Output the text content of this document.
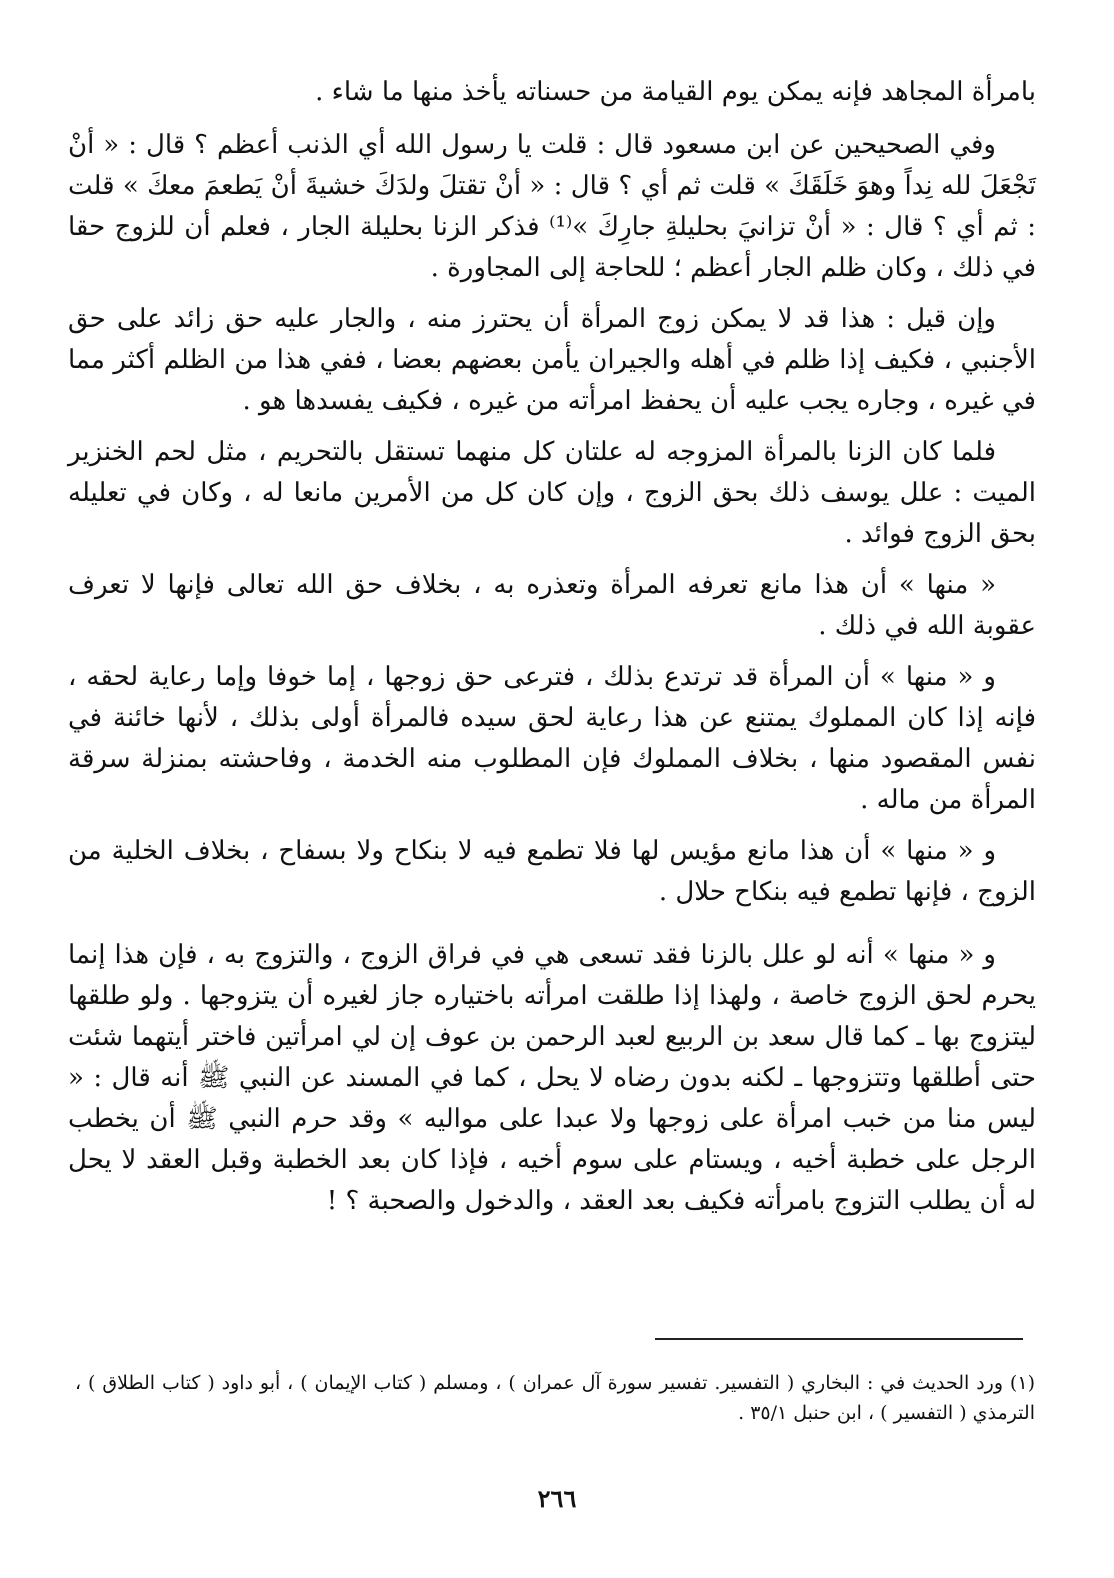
بامرأة المجاهد فإنه يمكن يوم القيامة من حسناته يأخذ منها ما شاء .

وفي الصحيحين عن ابن مسعود قال : قلت يا رسول الله أي الذنب أعظم ؟ قال : « أنْ تَجْعَلَ لله نِداً وهوَ خَلَقَكَ » قلت ثم أي ؟ قال : « أنْ تقتلَ ولدَكَ خشيةَ أنْ يَطعمَ معكَ » قلت : ثم أي ؟ قال : « أنْ تزانيَ بحليلةِ جارِكَ »⁽¹⁾ فذكر الزنا بحليلة الجار ، فعلم أن للزوج حقا في ذلك ، وكان ظلم الجار أعظم ؛ للحاجة إلى المجاورة .

وإن قيل : هذا قد لا يمكن زوج المرأة أن يحترز منه ، والجار عليه حق زائد على حق الأجنبي ، فكيف إذا ظلم في أهله والجيران يأمن بعضهم بعضا ، ففي هذا من الظلم أكثر مما في غيره ، وجاره يجب عليه أن يحفظ امرأته من غيره ، فكيف يفسدها هو .

فلما كان الزنا بالمرأة المزوجه له علتان كل منهما تستقل بالتحريم ، مثل لحم الخنزير الميت : علل يوسف ذلك بحق الزوج ، وإن كان كل من الأمرين مانعا له ، وكان في تعليله بحق الزوج فوائد .

« منها » أن هذا مانع تعرفه المرأة وتعذره به ، بخلاف حق الله تعالى فإنها لا تعرف عقوبة الله في ذلك .

و « منها » أن المرأة قد ترتدع بذلك ، فترعى حق زوجها ، إما خوفا وإما رعاية لحقه ، فإنه إذا كان المملوك يمتنع عن هذا رعاية لحق سيده فالمرأة أولى بذلك ، لأنها خائنة في نفس المقصود منها ، بخلاف المملوك فإن المطلوب منه الخدمة ، وفاحشته بمنزلة سرقة المرأة من ماله .

و « منها » أن هذا مانع مؤيس لها فلا تطمع فيه لا بنكاح ولا بسفاح ، بخلاف الخلية من الزوج ، فإنها تطمع فيه بنكاح حلال .

و « منها » أنه لو علل بالزنا فقد تسعى هي في فراق الزوج ، والتزوج به ، فإن هذا إنما يحرم لحق الزوج خاصة ، ولهذا إذا طلقت امرأته باختياره جاز لغيره أن يتزوجها . ولو طلقها ليتزوج بها ـ كما قال سعد بن الربيع لعبد الرحمن بن عوف إن لي امرأتين فاختر أيتهما شئت حتى أطلقها وتتزوجها ـ لكنه بدون رضاه لا يحل ، كما في المسند عن النبي ﷺ أنه قال : « ليس منا من خبب امرأة على زوجها ولا عبدا على مواليه » وقد حرم النبي ﷺ أن يخطب الرجل على خطبة أخيه ، ويستام على سوم أخيه ، فإذا كان بعد الخطبة وقبل العقد لا يحل له أن يطلب التزوج بامرأته فكيف بعد العقد ، والدخول والصحبة ؟ !

(١) ورد الحديث في : البخاري ( التفسير. تفسير سورة آل عمران ) ، ومسلم ( كتاب الإيمان ) ، أبو داود ( كتاب الطلاق ) ، الترمذي ( التفسير ) ، ابن حنبل ٣٥/١ .
٢٦٦
